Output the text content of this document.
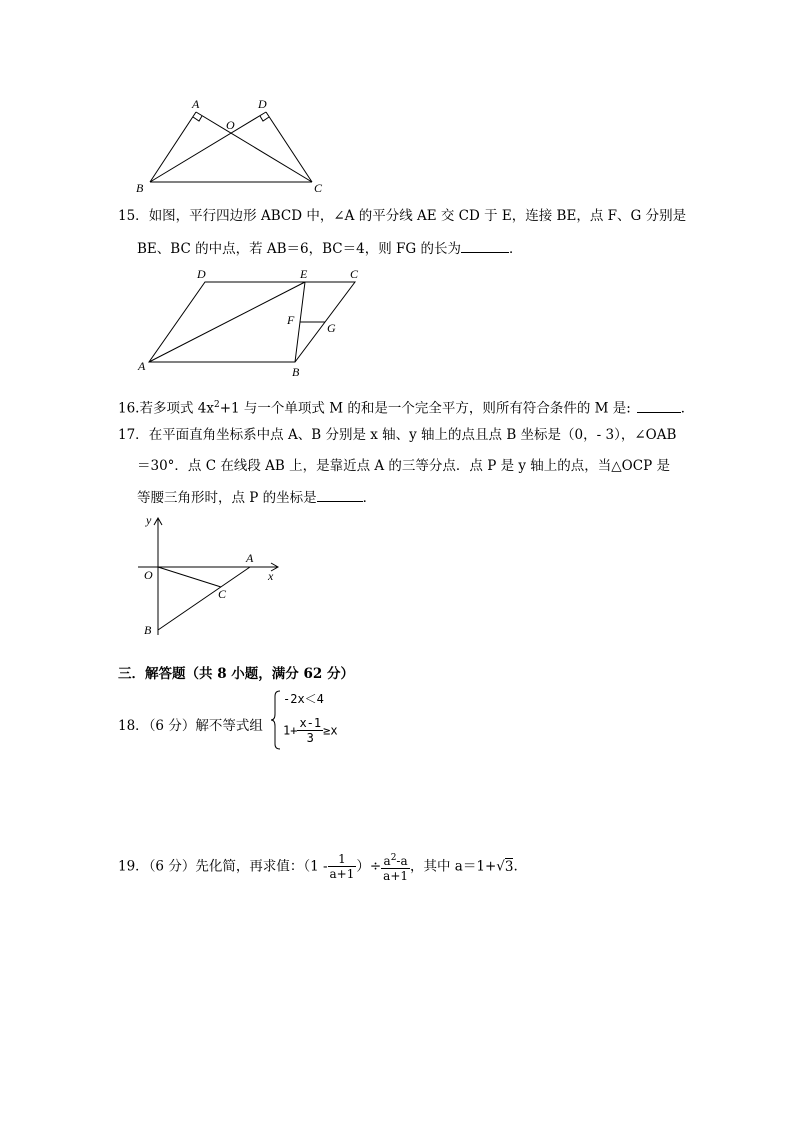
A	D
O
B	C
15．如图，平行四边形 ABCD 中，∠A 的平分线 AE 交 CD 于 E，连接 BE，点 F、G 分别是
BE、BC 的中点，若 AB＝6，BC＝4，则 FG 的长为	．
D	E	C
F
G
A	B
16.若多项式 $4x^2+1$ 与一个单项式 M 的和是一个完全平方，则所有符合条件的 M 是:	．
17．在平面直角坐标系中点 A、B 分别是 x 轴、y 轴上的点且点 B 坐标是（0，- 3），∠OAB
＝30°．点 C 在线段 AB 上，是靠近点 A 的三等分点．点 P 是 y 轴上的点，当△OCP 是
等腰三角形时，点 P 的坐标是	．
y
x
O
A
C
B
三．解答题（共 8 小题，满分 62 分）
18．（6 分）解不等式组
-2x＜4
$1+ \frac{x-1}{3} \ge x$
19．（6 分）先化简，再求值：（$1 - \frac{1}{a+1}$ ）÷ $\frac{a^2-a}{a+1}$ ，其中 a＝1+√3.
